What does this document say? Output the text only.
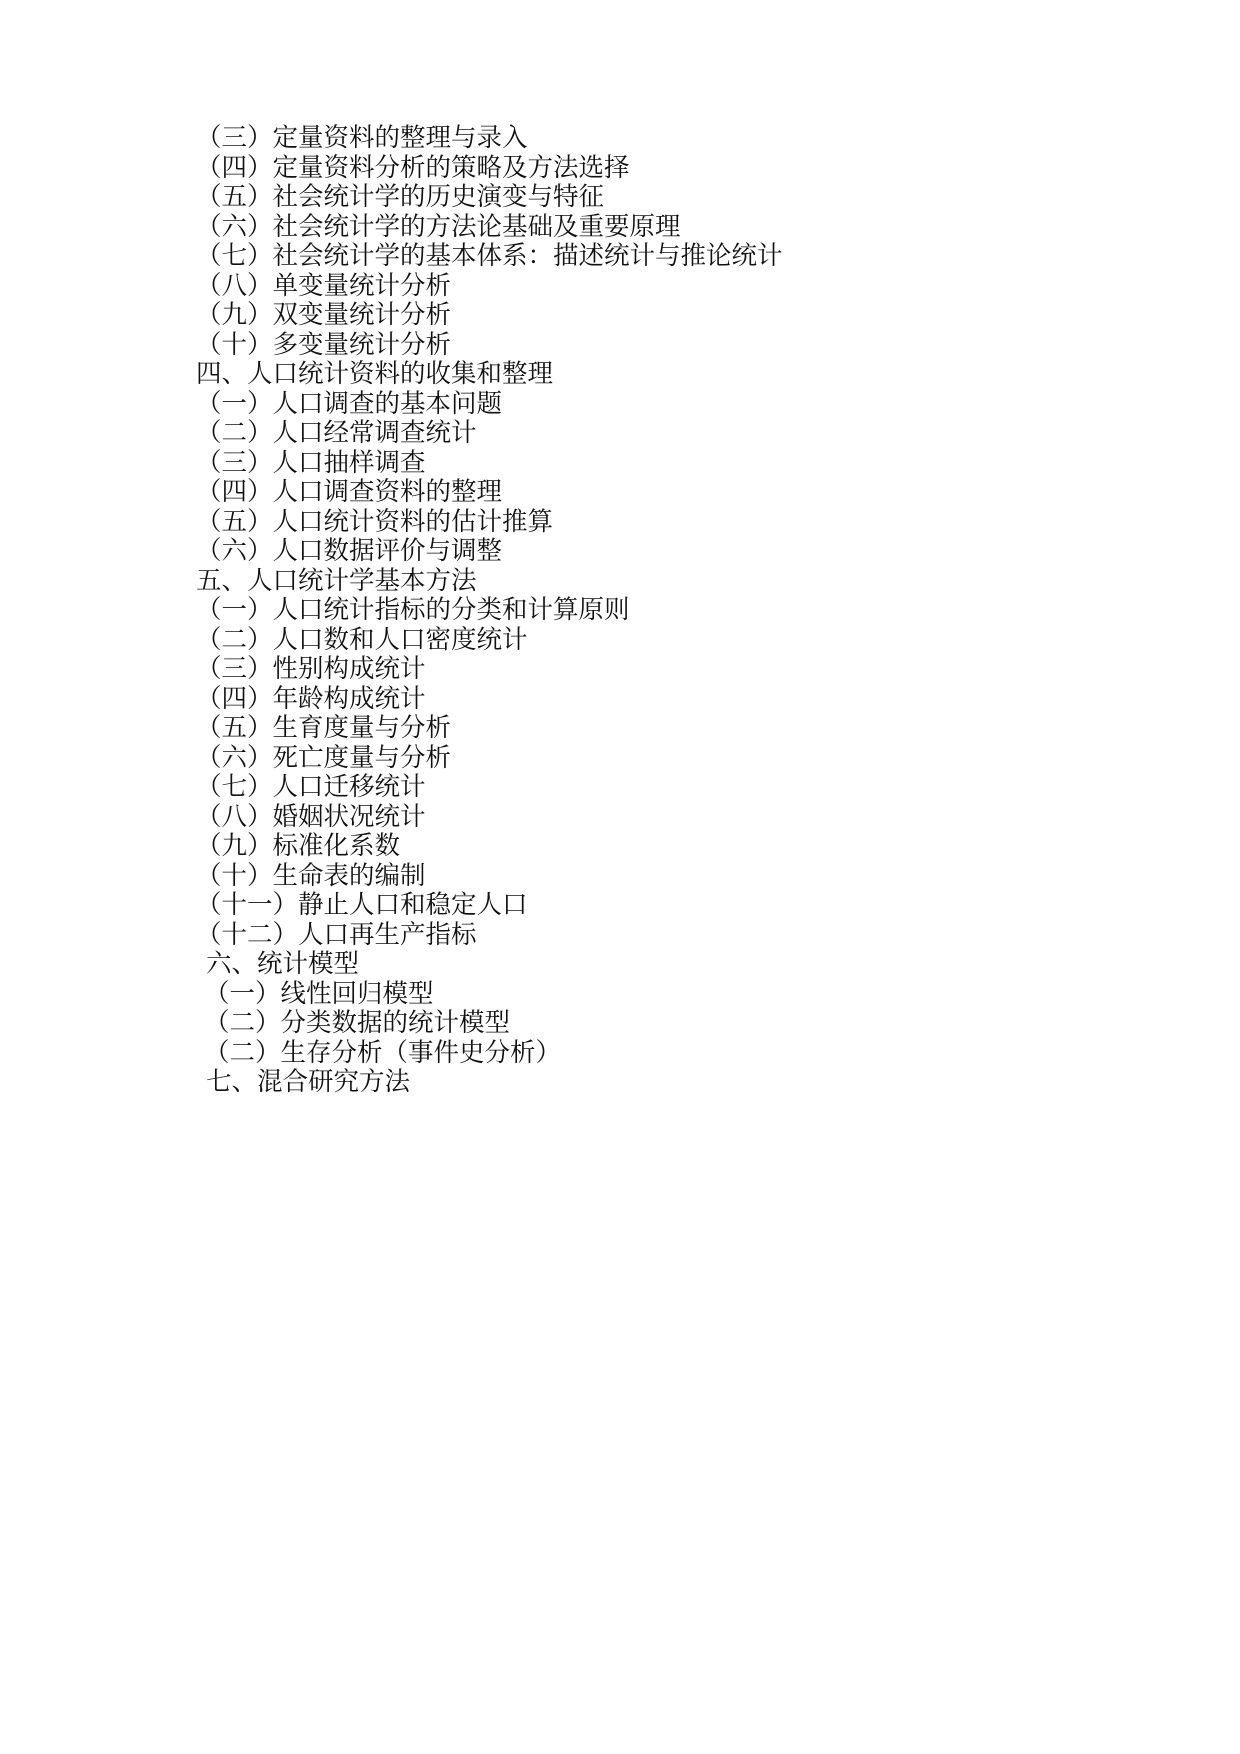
（三）定量资料的整理与录入
（四）定量资料分析的策略及方法选择
（五）社会统计学的历史演变与特征
（六）社会统计学的方法论基础及重要原理
（七）社会统计学的基本体系：描述统计与推论统计
（八）单变量统计分析
（九）双变量统计分析
（十）多变量统计分析
四、人口统计资料的收集和整理
（一）人口调查的基本问题
（二）人口经常调查统计
（三）人口抽样调查
（四）人口调查资料的整理
（五）人口统计资料的估计推算
（六）人口数据评价与调整
五、人口统计学基本方法
（一）人口统计指标的分类和计算原则
（二）人口数和人口密度统计
（三）性别构成统计
（四）年龄构成统计
（五）生育度量与分析
（六）死亡度量与分析
（七）人口迁移统计
（八）婚姻状况统计
（九）标准化系数
（十）生命表的编制
（十一）静止人口和稳定人口
（十二）人口再生产指标
六、统计模型
（一）线性回归模型
（二）分类数据的统计模型
（二）生存分析（事件史分析）
七、混合研究方法
